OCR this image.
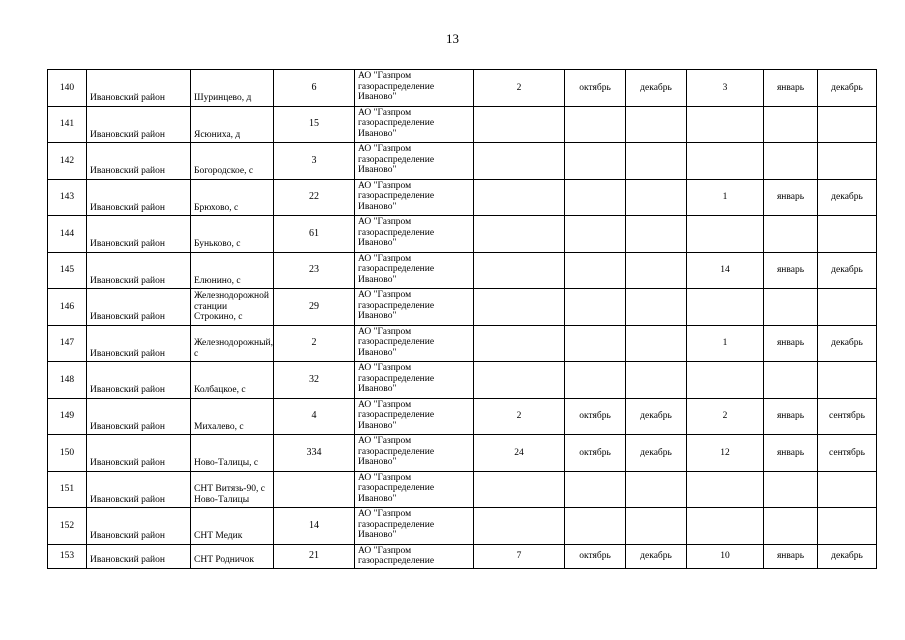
13
140	Ивановский район	Шуринцево, д	6	АО "Газпром газораспределение Иваново"	2	октябрь	декабрь	3	январь	декабрь
141	Ивановский район	Ясюниха, д	15	АО "Газпром газораспределение Иваново"						
142	Ивановский район	Богородское, с	3	АО "Газпром газораспределение Иваново"						
143	Ивановский район	Брюхово, с	22	АО "Газпром газораспределение Иваново"				1	январь	декабрь
144	Ивановский район	Буньково, с	61	АО "Газпром газораспределение Иваново"						
145	Ивановский район	Елюнино, с	23	АО "Газпром газораспределение Иваново"				14	январь	декабрь
146	Ивановский район	Железнодорожной станции Строкино, с	29	АО "Газпром газораспределение Иваново"						
147	Ивановский район	Железнодорожный, с	2	АО "Газпром газораспределение Иваново"				1	январь	декабрь
148	Ивановский район	Колбацкое, с	32	АО "Газпром газораспределение Иваново"						
149	Ивановский район	Михалево, с	4	АО "Газпром газораспределение Иваново"	2	октябрь	декабрь	2	январь	сентябрь
150	Ивановский район	Ново-Талицы, с	334	АО "Газпром газораспределение Иваново"	24	октябрь	декабрь	12	январь	сентябрь
151	Ивановский район	СНТ Витязь-90, с Ново-Талицы		АО "Газпром газораспределение Иваново"						
152	Ивановский район	СНТ Медик	14	АО "Газпром газораспределение Иваново"						
153	Ивановский район	СНТ Родничок	21	АО "Газпром газораспределение	7	октябрь	декабрь	10	январь	декабрь
